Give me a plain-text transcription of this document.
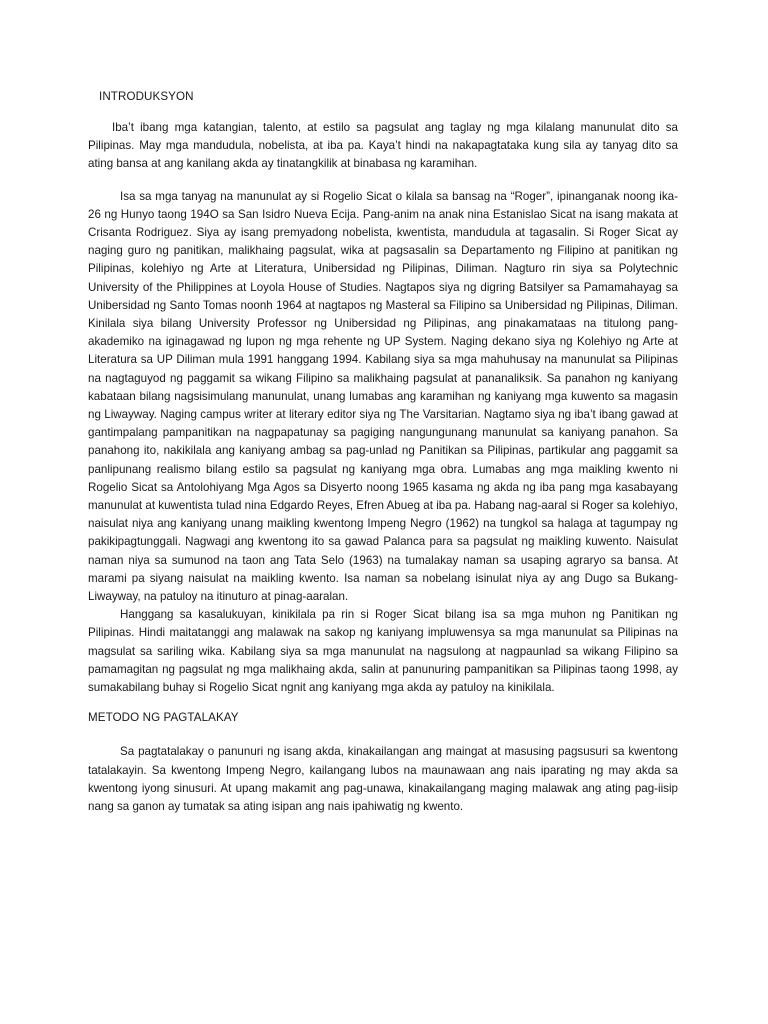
INTRODUKSYON

Iba’t ibang mga katangian, talento, at estilo sa pagsulat ang taglay ng mga kilalang manunulat dito sa Pilipinas. May mga mandudula, nobelista, at iba pa. Kaya’t hindi na nakapagtataka kung sila ay tanyag dito sa ating bansa at ang kanilang akda ay tinatangkilik at binabasa ng karamihan.

Isa sa mga tanyag na manunulat ay si Rogelio Sicat o kilala sa bansag na “Roger”, ipinanganak noong ika-26 ng Hunyo taong 194O sa San Isidro Nueva Ecija. Pang-anim na anak nina Estanislao Sicat na isang makata at Crisanta Rodriguez. Siya ay isang premyadong nobelista, kwentista, mandudula at tagasalin. Si Roger Sicat ay naging guro ng panitikan, malikhaing pagsulat, wika at pagsasalin sa Departamento ng Filipino at panitikan ng Pilipinas, kolehiyo ng Arte at Literatura, Unibersidad ng Pilipinas, Diliman. Nagturo rin siya sa Polytechnic University of the Philippines at Loyola House of Studies. Nagtapos siya ng digring Batsilyer sa Pamamahayag sa Unibersidad ng Santo Tomas noonh 1964 at nagtapos ng Masteral sa Filipino sa Unibersidad ng Pilipinas, Diliman. Kinilala siya bilang University Professor ng Unibersidad ng Pilipinas, ang pinakamataas na titulong pang-akademiko na iginagawad ng lupon ng mga rehente ng UP System. Naging dekano siya ng Kolehiyo ng Arte at Literatura sa UP Diliman mula 1991 hanggang 1994. Kabilang siya sa mga mahuhusay na manunulat sa Pilipinas na nagtaguyod ng paggamit sa wikang Filipino sa malikhaing pagsulat at pananaliksik. Sa panahon ng kaniyang kabataan bilang nagsisimulang manunulat, unang lumabas ang karamihan ng kaniyang mga kuwento sa magasin ng Liwayway. Naging campus writer at literary editor siya ng The Varsitarian. Nagtamo siya ng iba’t ibang gawad at gantimpalang pampanitikan na nagpapatunay sa pagiging nangungunang manunulat sa kaniyang panahon. Sa panahong ito, nakikilala ang kaniyang ambag sa pag-unlad ng Panitikan sa Pilipinas, partikular ang paggamit sa panlipunang realismo bilang estilo sa pagsulat ng kaniyang mga obra. Lumabas ang mga maikling kwento ni Rogelio Sicat sa Antolohiyang Mga Agos sa Disyerto noong 1965 kasama ng akda ng iba pang mga kasabayang manunulat at kuwentista tulad nina Edgardo Reyes, Efren Abueg at iba pa. Habang nag-aaral si Roger sa kolehiyo, naisulat niya ang kaniyang unang maikling kwentong Impeng Negro (1962) na tungkol sa halaga at tagumpay ng pakikipagtunggali. Nagwagi ang kwentong ito sa gawad Palanca para sa pagsulat ng maikling kuwento. Naisulat naman niya sa sumunod na taon ang Tata Selo (1963) na tumalakay naman sa usaping agraryo sa bansa. At marami pa siyang naisulat na maikling kwento. Isa naman sa nobelang isinulat niya ay ang Dugo sa Bukang-Liwayway, na patuloy na itinuturo at pinag-aaralan.

Hanggang sa kasalukuyan, kinikilala pa rin si Roger Sicat bilang isa sa mga muhon ng Panitikan ng Pilipinas. Hindi maitatanggi ang malawak na sakop ng kaniyang impluwensya sa mga manunulat sa Pilipinas na magsulat sa sariling wika. Kabilang siya sa mga manunulat na nagsulong at nagpaunlad sa wikang Filipino sa pamamagitan ng pagsulat ng mga malikhaing akda, salin at panunuring pampanitikan sa Pilipinas taong 1998, ay sumakabilang buhay si Rogelio Sicat ngnit ang kaniyang mga akda ay patuloy na kinikilala.

METODO NG PAGTALAKAY

Sa pagtatalakay o panunuri ng isang akda, kinakailangan ang maingat at masusing pagsusuri sa kwentong tatalakayin. Sa kwentong Impeng Negro, kailangang lubos na maunawaan ang nais iparating ng may akda sa kwentong iyong sinusuri. At upang makamit ang pag-unawa, kinakailangang maging malawak ang ating pag-iisip nang sa ganon ay tumatak sa ating isipan ang nais ipahiwatig ng kwento.
